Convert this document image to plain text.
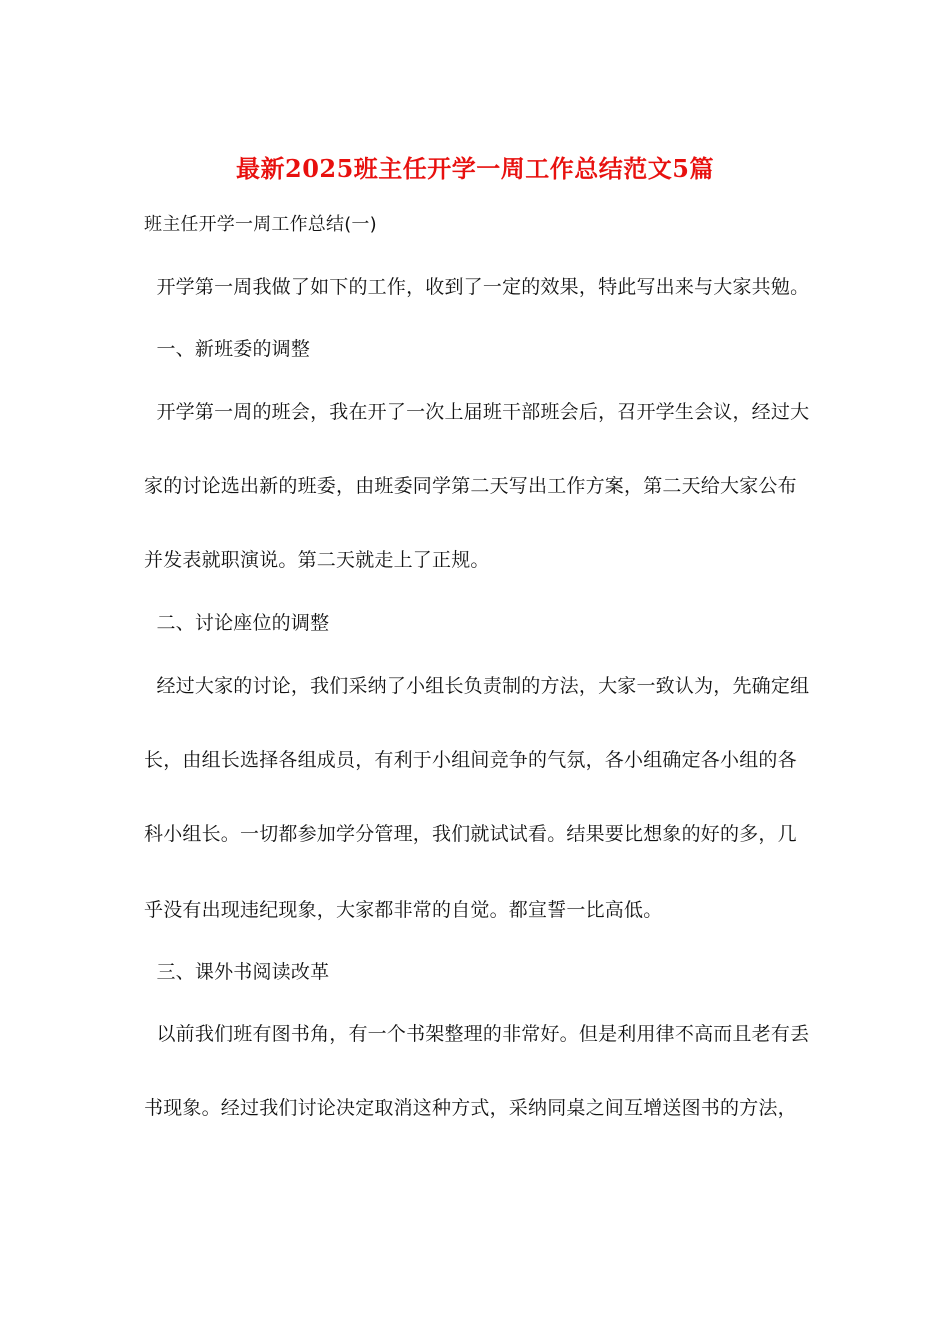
最新2025班主任开学一周工作总结范文5篇
班主任开学一周工作总结(一)
开学第一周我做了如下的工作，收到了一定的效果，特此写出来与大家共勉。
一、新班委的调整
开学第一周的班会，我在开了一次上届班干部班会后，召开学生会议，经过大
家的讨论选出新的班委，由班委同学第二天写出工作方案，第二天给大家公布
并发表就职演说。第二天就走上了正规。
二、讨论座位的调整
经过大家的讨论，我们采纳了小组长负责制的方法，大家一致认为，先确定组
长，由组长选择各组成员，有利于小组间竞争的气氛，各小组确定各小组的各
科小组长。一切都参加学分管理，我们就试试看。结果要比想象的好的多，几
乎没有出现违纪现象，大家都非常的自觉。都宣誓一比高低。
三、课外书阅读改革
以前我们班有图书角，有一个书架整理的非常好。但是利用律不高而且老有丢
书现象。经过我们讨论决定取消这种方式，采纳同桌之间互增送图书的方法，
